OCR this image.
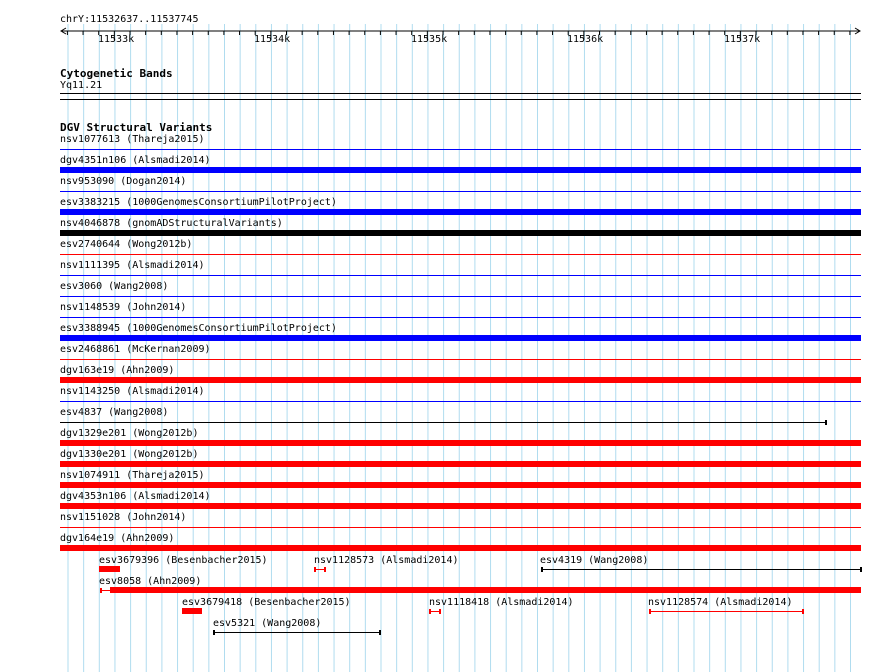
chrY:11532637..11537745
11533k	11534k	11535k	11536k	11537k
Cytogenetic Bands
Yq11.21
DGV Structural Variants
nsv1077613 (Thareja2015)
dgv4351n106 (Alsmadi2014)
nsv953090 (Dogan2014)
esv3383215 (1000GenomesConsortiumPilotProject)
nsv4046878 (gnomADStructuralVariants)
esv2740644 (Wong2012b)
nsv1111395 (Alsmadi2014)
esv3060 (Wang2008)
nsv1148539 (John2014)
esv3388945 (1000GenomesConsortiumPilotProject)
esv2468861 (McKernan2009)
dgv163e19 (Ahn2009)
nsv1143250 (Alsmadi2014)
esv4837 (Wang2008)
dgv1329e201 (Wong2012b)
dgv1330e201 (Wong2012b)
nsv1074911 (Thareja2015)
dgv4353n106 (Alsmadi2014)
nsv1151028 (John2014)
dgv164e19 (Ahn2009)
esv3679396 (Besenbacher2015)	nsv1128573 (Alsmadi2014)	esv4319 (Wang2008)
esv8058 (Ahn2009)
esv3679418 (Besenbacher2015)	nsv1118418 (Alsmadi2014)	nsv1128574 (Alsmadi2014)
esv5321 (Wang2008)
